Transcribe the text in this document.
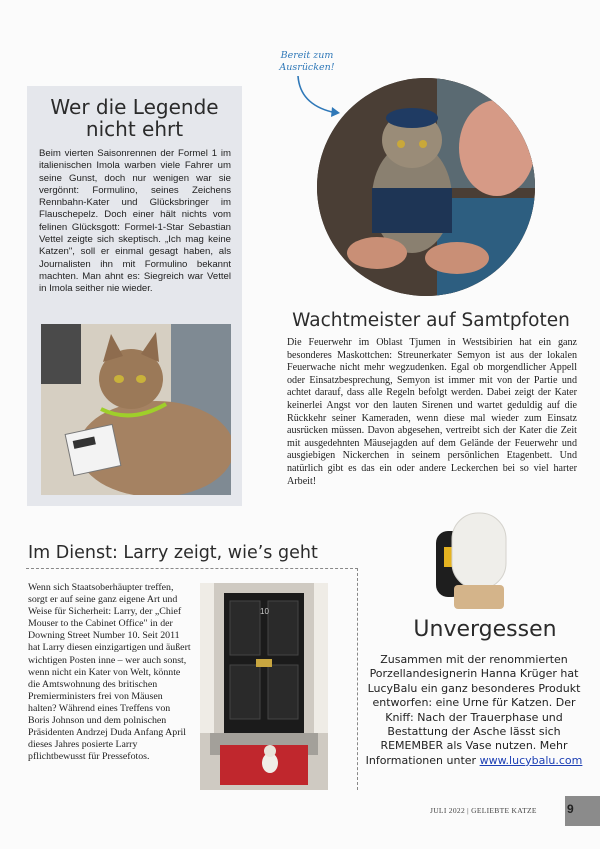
Wer die Legende
nicht ehrt
Beim vierten Saisonrennen der Formel 1 im italienischen Imola warben viele Fahrer um seine Gunst, doch nur wenigen war sie vergönnt: Formulino, seines Zeichens Rennbahn-Kater und Glücksbringer im Flauschepelz. Doch einer hält nichts vom felinen Glücksgott: Formel-1-Star Sebastian Vettel zeigte sich skeptisch. „Ich mag keine Katzen", soll er einmal gesagt haben, als Journalisten ihn mit Formulino bekannt machten. Man ahnt es: Siegreich war Vettel in Imola seither nie wieder.
Bereit zum
Ausrücken!
Wachtmeister auf Samtpfoten
Die Feuerwehr im Oblast Tjumen in Westsibirien hat ein ganz besonderes Maskottchen: Streunerkater Semyon ist aus der lokalen Feuerwache nicht mehr wegzudenken. Egal ob morgendlicher Appell oder Einsatzbesprechung, Semyon ist immer mit von der Partie und achtet darauf, dass alle Regeln befolgt werden. Dabei zeigt der Kater keinerlei Angst vor den lauten Sirenen und wartet geduldig auf die Rückkehr seiner Kameraden, wenn diese mal wieder zum Einsatz ausrücken müssen. Davon abgesehen, vertreibt sich der Kater die Zeit mit ausgedehnten Mäusejagden auf dem Gelände der Feuerwehr und ausgiebigen Nickerchen in seinem persönlichen Etagenbett. Und natürlich gibt es das ein oder andere Leckerchen bei so viel harter Arbeit!
Im Dienst: Larry zeigt, wie’s geht
Wenn sich Staatsoberhäupter treffen, sorgt er auf seine ganz eigene Art und Weise für Sicherheit: Larry, der „Chief Mouser to the Cabinet Office" in der Downing Street Number 10. Seit 2011 hat Larry diesen einzigartigen und äußert wichtigen Posten inne – wer auch sonst, wenn nicht ein Kater von Welt, könnte die Amtswohnung des britischen Premierministers frei von Mäusen halten? Während eines Treffens von Boris Johnson und dem polnischen Präsidenten Andrzej Duda Anfang April dieses Jahres posierte Larry pflichtbewusst für Pressefotos.
10
Unvergessen
Zusammen mit der renommierten Porzellandesignerin Hanna Krüger hat LucyBalu ein ganz besonderes Produkt entworfen: eine Urne für Katzen. Der Kniff: Nach der Trauerphase und Bestattung der Asche lässt sich REMEMBER als Vase nutzen. Mehr Informationen unter www.lucybalu.com
JULI 2022 | GELIEBTE KATZE	9
